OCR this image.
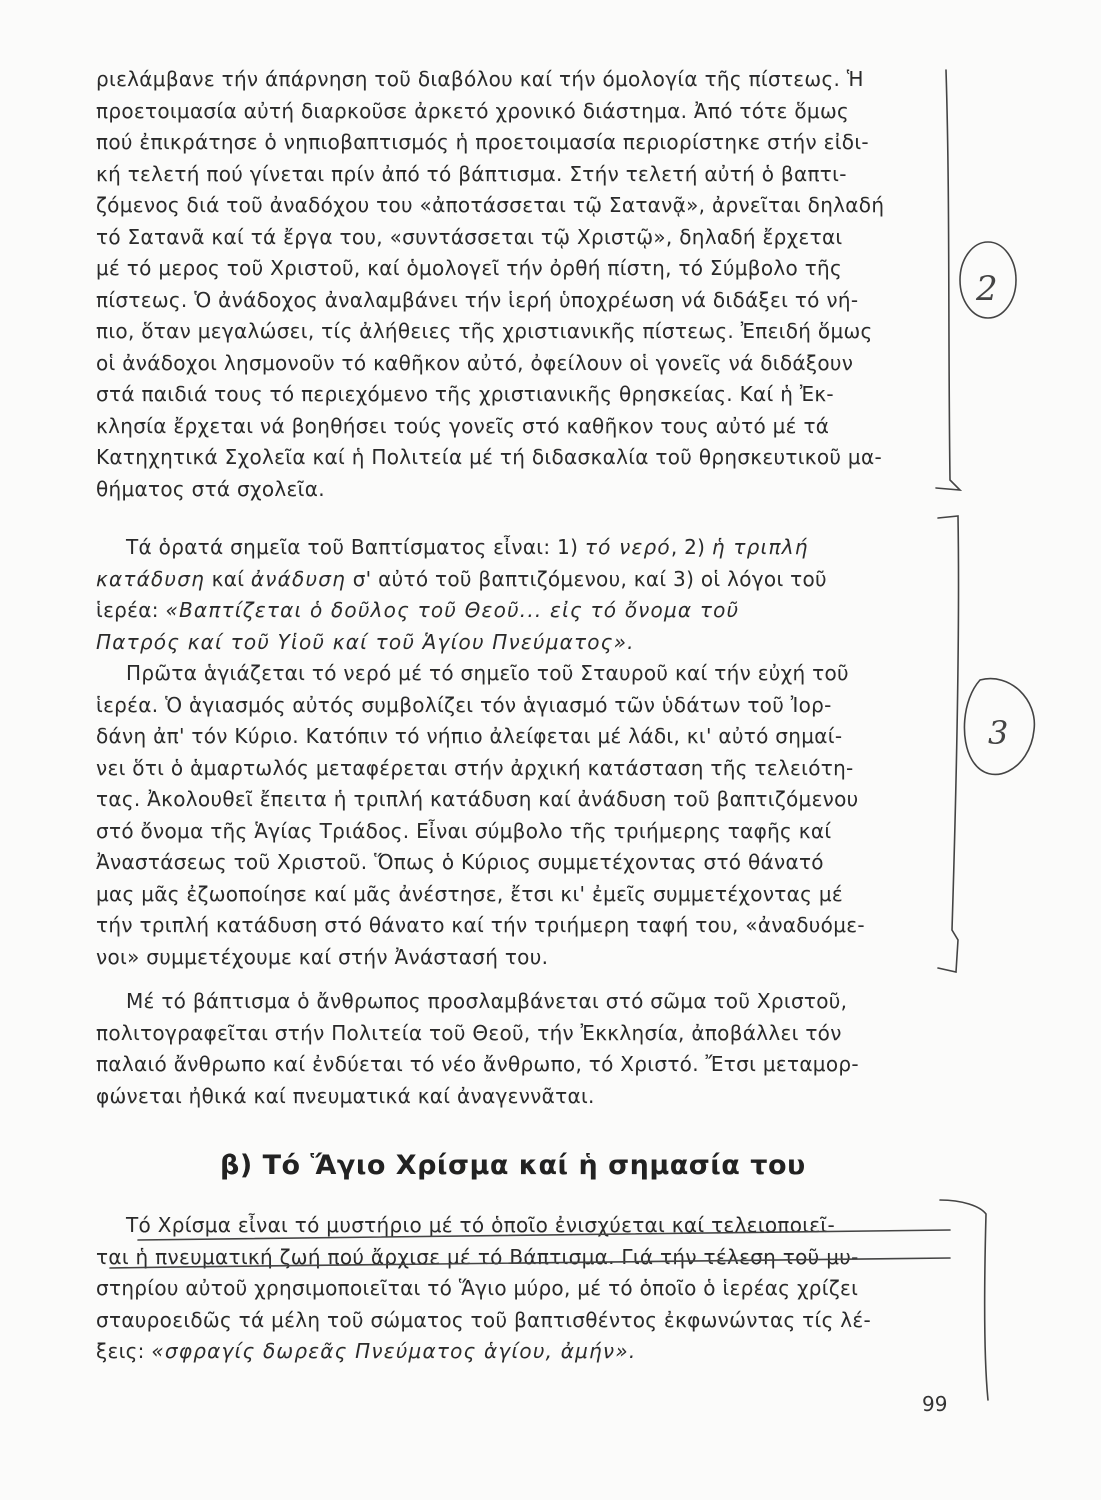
ριελάμβανε τήν άπάρνηση τοῦ διαβόλου καί τήν όμολογία τῆς πίστεως. Ἡ
προετοιμασία αὐτή διαρκοῦσε ἀρκετό χρονικό διάστημα. Ἀπό τότε ὅμως
πού ἐπικράτησε ὁ νηπιοβαπτισμός ἡ προετοιμασία περιορίστηκε στήν εἰδι-
κή τελετή πού γίνεται πρίν ἀπό τό βάπτισμα. Στήν τελετή αὐτή ὁ βαπτι-
ζόμενος διά τοῦ ἀναδόχου του «ἀποτάσσεται τῷ Σατανᾷ», ἀρνεῖται δηλαδή
τό Σατανᾶ καί τά ἔργα του, «συντάσσεται τῷ Χριστῷ», δηλαδή ἔρχεται
μέ τό μερος τοῦ Χριστοῦ, καί ὁμολογεῖ τήν ὀρθή πίστη, τό Σύμβολο τῆς
πίστεως. Ὁ ἀνάδοχος ἀναλαμβάνει τήν ἱερή ὑποχρέωση νά διδάξει τό νή-
πιο, ὅταν μεγαλώσει, τίς ἀλήθειες τῆς χριστιανικῆς πίστεως. Ἐπειδή ὅμως
οἱ ἀνάδοχοι λησμονοῦν τό καθῆκον αὐτό, ὀφείλουν οἱ γονεῖς νά διδάξουν
στά παιδιά τους τό περιεχόμενο τῆς χριστιανικῆς θρησκείας. Καί ἡ Ἐκ-
κλησία ἔρχεται νά βοηθήσει τούς γονεῖς στό καθῆκον τους αὐτό μέ τά
Κατηχητικά Σχολεῖα καί ἡ Πολιτεία μέ τή διδασκαλία τοῦ θρησκευτικοῦ μα-
θήματος στά σχολεῖα.
Τά ὁρατά σημεῖα τοῦ Βαπτίσματος εἶναι: 1) τό νερό, 2) ἡ τριπλή
κατάδυση καί ἀνάδυση σ' αὐτό τοῦ βαπτιζόμενου, καί 3) οἱ λόγοι τοῦ
ἱερέα: «Βαπτίζεται ὁ δοῦλος τοῦ Θεοῦ... εἰς τό ὄνομα τοῦ
Πατρός καί τοῦ Υἱοῦ καί τοῦ Ἁγίου Πνεύματος».
Πρῶτα ἁγιάζεται τό νερό μέ τό σημεῖο τοῦ Σταυροῦ καί τήν εὐχή τοῦ
ἱερέα. Ὁ ἁγιασμός αὐτός συμβολίζει τόν ἁγιασμό τῶν ὑδάτων τοῦ Ἰορ-
δάνη ἀπ' τόν Κύριο. Κατόπιν τό νήπιο ἀλείφεται μέ λάδι, κι' αὐτό σημαί-
νει ὅτι ὁ ἁμαρτωλός μεταφέρεται στήν ἀρχική κατάσταση τῆς τελειότη-
τας. Ἀκολουθεῖ ἔπειτα ἡ τριπλή κατάδυση καί ἀνάδυση τοῦ βαπτιζόμενου
στό ὄνομα τῆς Ἁγίας Τριάδος. Εἶναι σύμβολο τῆς τριήμερης ταφῆς καί
Ἀναστάσεως τοῦ Χριστοῦ. Ὅπως ὁ Κύριος συμμετέχοντας στό θάνατό
μας μᾶς ἐζωοποίησε καί μᾶς ἀνέστησε, ἔτσι κι' ἐμεῖς συμμετέχοντας μέ
τήν τριπλή κατάδυση στό θάνατο καί τήν τριήμερη ταφή του, «ἀναδυόμε-
νοι» συμμετέχουμε καί στήν Ἀνάστασή του.
Μέ τό βάπτισμα ὁ ἄνθρωπος προσλαμβάνεται στό σῶμα τοῦ Χριστοῦ,
πολιτογραφεῖται στήν Πολιτεία τοῦ Θεοῦ, τήν Ἐκκλησία, ἀποβάλλει τόν
παλαιό ἄνθρωπο καί ἐνδύεται τό νέο ἄνθρωπο, τό Χριστό. Ἔτσι μεταμορ-
φώνεται ἠθικά καί πνευματικά καί ἀναγεννᾶται.
β) Τό Ἅγιο Χρίσμα καί ἡ σημασία του
Τό Χρίσμα εἶναι τό μυστήριο μέ τό ὁποῖο ἐνισχύεται καί τελειοποιεῖ-
ται ἡ πνευματική ζωή πού ἄρχισε μέ τό Βάπτισμα. Γιά τήν τέλεση τοῦ μυ-
στηρίου αὐτοῦ χρησιμοποιεῖται τό Ἅγιο μύρο, μέ τό ὁποῖο ὁ ἱερέας χρίζει
σταυροειδῶς τά μέλη τοῦ σώματος τοῦ βαπτισθέντος ἐκφωνώντας τίς λέ-
ξεις: «σφραγίς δωρεᾶς Πνεύματος ἁγίου, ἀμήν».
99
2
3
